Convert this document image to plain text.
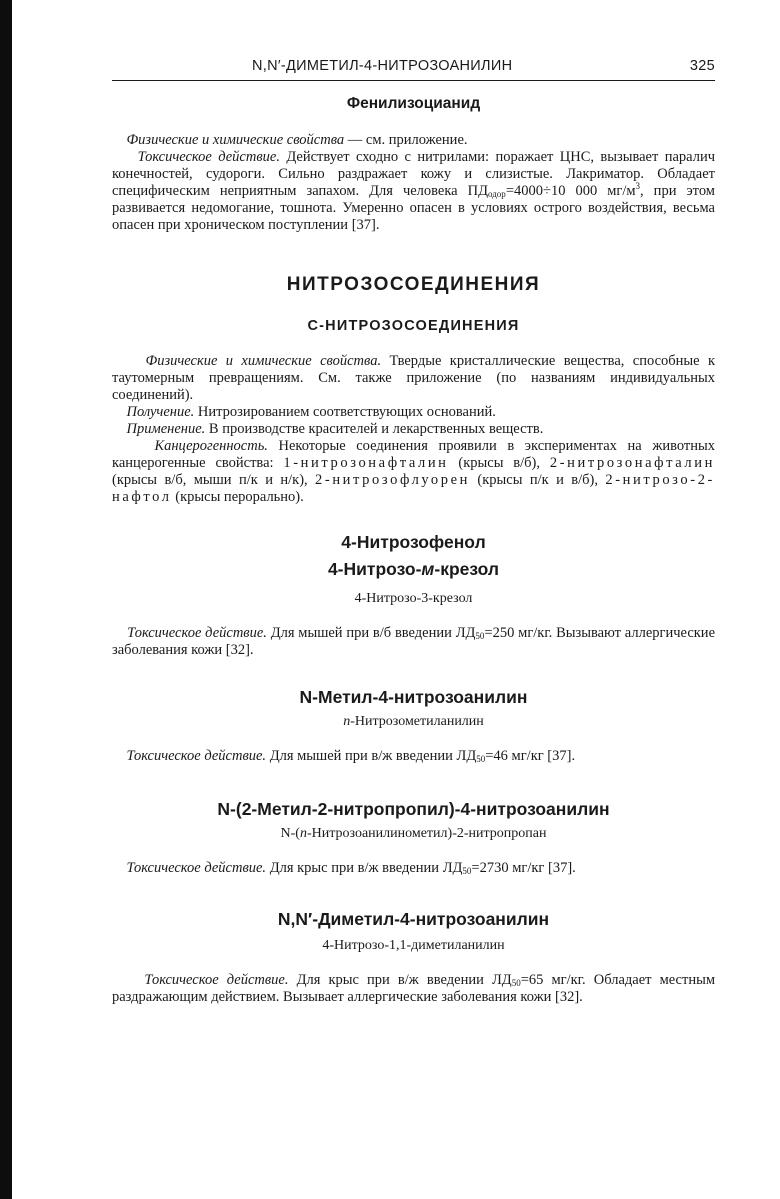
N,N′-ДИМЕТИЛ-4-НИТРОЗОАНИЛИН	325
Фенилизоцианид

Физические и химические свойства — см. приложение.

Токсическое действие. Действует сходно с нитрилами: поражает ЦНС, вызывает паралич конечностей, судороги. Сильно раздражает кожу и слизистые. Лакриматор. Обладает специфическим неприятным запахом. Для человека $ПД_{одор}=4000\div 10$ 000 $мг/м^3$, при этом развивается недомогание, тошнота. Умеренно опасен в условиях острого воздействия, весьма опасен при хроническом поступлении [37].

НИТРОЗОСОЕДИНЕНИЯ
С-НИТРОЗОСОЕДИНЕНИЯ

Физические и химические свойства. Твердые кристаллические вещества, способные к таутомерным превращениям. См. также приложение (по названиям индивидуальных соединений).

Получение. Нитрозированием соответствующих оснований.

Применение. В производстве красителей и лекарственных веществ.

Канцерогенность. Некоторые соединения проявили в экспериментах на животных канцерогенные свойства: 1-нитрозонафталин (крысы в/б), 2-нитрозонафталин (крысы в/б, мыши п/к и н/к), 2-нитрозофлуорен (крысы п/к и в/б), 2-нитрозо-2-нафтол (крысы перорально).

4-Нитрозофенол
4-Нитрозо-м-крезол
4-Нитрозо-3-крезол

Токсическое действие. Для мышей при в/б введении $ЛД_{50}=250$ мг/кг. Вызывают аллергические заболевания кожи [32].

N-Метил-4-нитрозоанилин
п-Нитрозометиланилин

Токсическое действие. Для мышей при в/ж введении $ЛД_{50}=46$ мг/кг [37].

N-(2-Метил-2-нитропропил)-4-нитрозоанилин
N-(п-Нитрозоанилинометил)-2-нитропропан

Токсическое действие. Для крыс при в/ж введении $ЛД_{50}=2730$ мг/кг [37].

N,N′-Диметил-4-нитрозоанилин
4-Нитрозо-1,1-диметиланилин

Токсическое действие. Для крыс при в/ж введении $ЛД_{50}=65$ мг/кг. Обладает местным раздражающим действием. Вызывает аллергические заболевания кожи [32].
